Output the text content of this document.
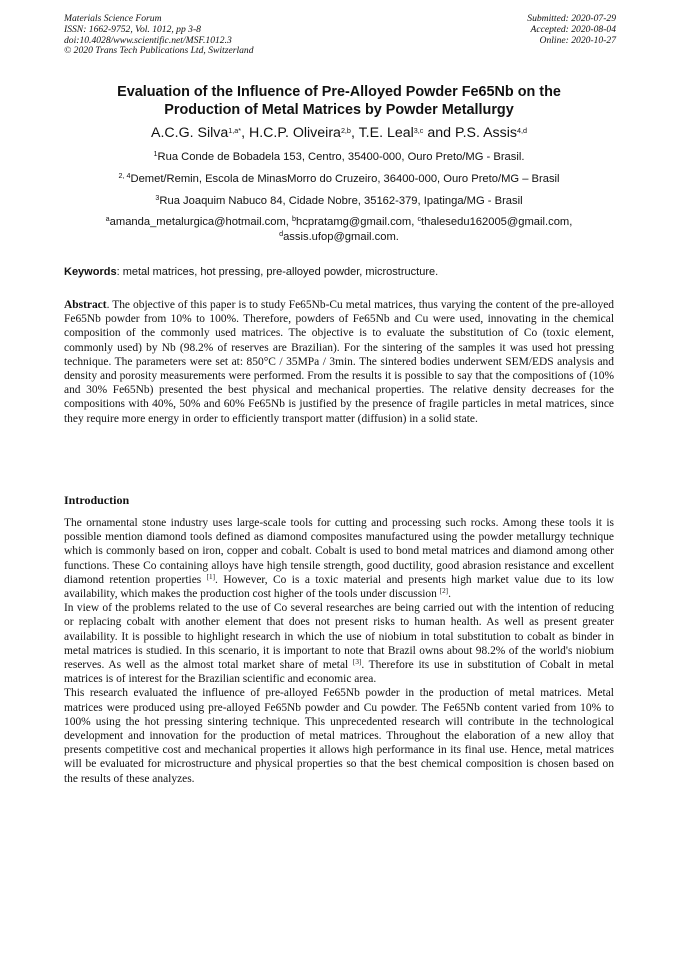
Materials Science Forum
ISSN: 1662-9752, Vol. 1012, pp 3-8
doi:10.4028/www.scientific.net/MSF.1012.3
© 2020 Trans Tech Publications Ltd, Switzerland
Submitted: 2020-07-29
Accepted: 2020-08-04
Online: 2020-10-27
Evaluation of the Influence of Pre-Alloyed Powder Fe65Nb on the
Production of Metal Matrices by Powder Metallurgy
A.C.G. Silva$^{1,a*}$, H.C.P. Oliveira$^{2,b}$, T.E. Leal$^{3,c}$ and P.S. Assis$^{4,d}$
$^1$Rua Conde de Bobadela 153, Centro, 35400-000, Ouro Preto/MG - Brasil.
$^{2, 4}$Demet/Remin, Escola de MinasMorro do Cruzeiro, 36400-000, Ouro Preto/MG – Brasil
$^3$Rua Joaquim Nabuco 84, Cidade Nobre, 35162-379, Ipatinga/MG - Brasil
$^a$amanda_metalurgica@hotmail.com, $^b$hcpratamg@gmail.com, $^c$thalesedu162005@gmail.com,
$^d$assis.ufop@gmail.com.
Keywords: metal matrices, hot pressing, pre-alloyed powder, microstructure.
Abstract. The objective of this paper is to study Fe65Nb-Cu metal matrices, thus varying the content of the pre-alloyed Fe65Nb powder from 10% to 100%. Therefore, powders of Fe65Nb and Cu were used, innovating in the chemical composition of the commonly used matrices. The objective is to evaluate the substitution of Co (toxic element, commonly used) by Nb (98.2% of reserves are Brazilian). For the sintering of the samples it was used hot pressing technique. The parameters were set at: 850°C / 35MPa / 3min. The sintered bodies underwent SEM/EDS analysis and density and porosity measurements were performed. From the results it is possible to say that the compositions of (10% and 30% Fe65Nb) presented the best physical and mechanical properties. The relative density decreases for the compositions with 40%, 50% and 60% Fe65Nb is justified by the presence of fragile particles in metal matrices, since they require more energy in order to efficiently transport matter (diffusion) in a solid state.
Introduction

The ornamental stone industry uses large-scale tools for cutting and processing such rocks. Among these tools it is possible mention diamond tools defined as diamond composites manufactured using the powder metallurgy technique which is commonly based on iron, copper and cobalt. Cobalt is used to bond metal matrices and diamond among other functions. These Co containing alloys have high tensile strength, good ductility, good abrasion resistance and excellent diamond retention properties [1]. However, Co is a toxic material and presents high market value due to its low availability, which makes the production cost higher of the tools under discussion [2].

In view of the problems related to the use of Co several researches are being carried out with the intention of reducing or replacing cobalt with another element that does not present risks to human health. As well as present greater availability. It is possible to highlight research in which the use of niobium in total substitution to cobalt as binder in metal matrices is studied. In this scenario, it is important to note that Brazil owns about 98.2% of the world's niobium reserves. As well as the almost total market share of metal [3]. Therefore its use in substitution of Cobalt in metal matrices is of interest for the Brazilian scientific and economic area.

This research evaluated the influence of pre-alloyed Fe65Nb powder in the production of metal matrices. Metal matrices were produced using pre-alloyed Fe65Nb powder and Cu powder. The Fe65Nb content varied from 10% to 100% using the hot pressing sintering technique. This unprecedented research will contribute in the technological development and innovation for the production of metal matrices. Throughout the elaboration of a new alloy that presents competitive cost and mechanical properties it allows high performance in its final use. Hence, metal matrices will be evaluated for microstructure and physical properties so that the best chemical composition is chosen based on the results of these analyzes.
